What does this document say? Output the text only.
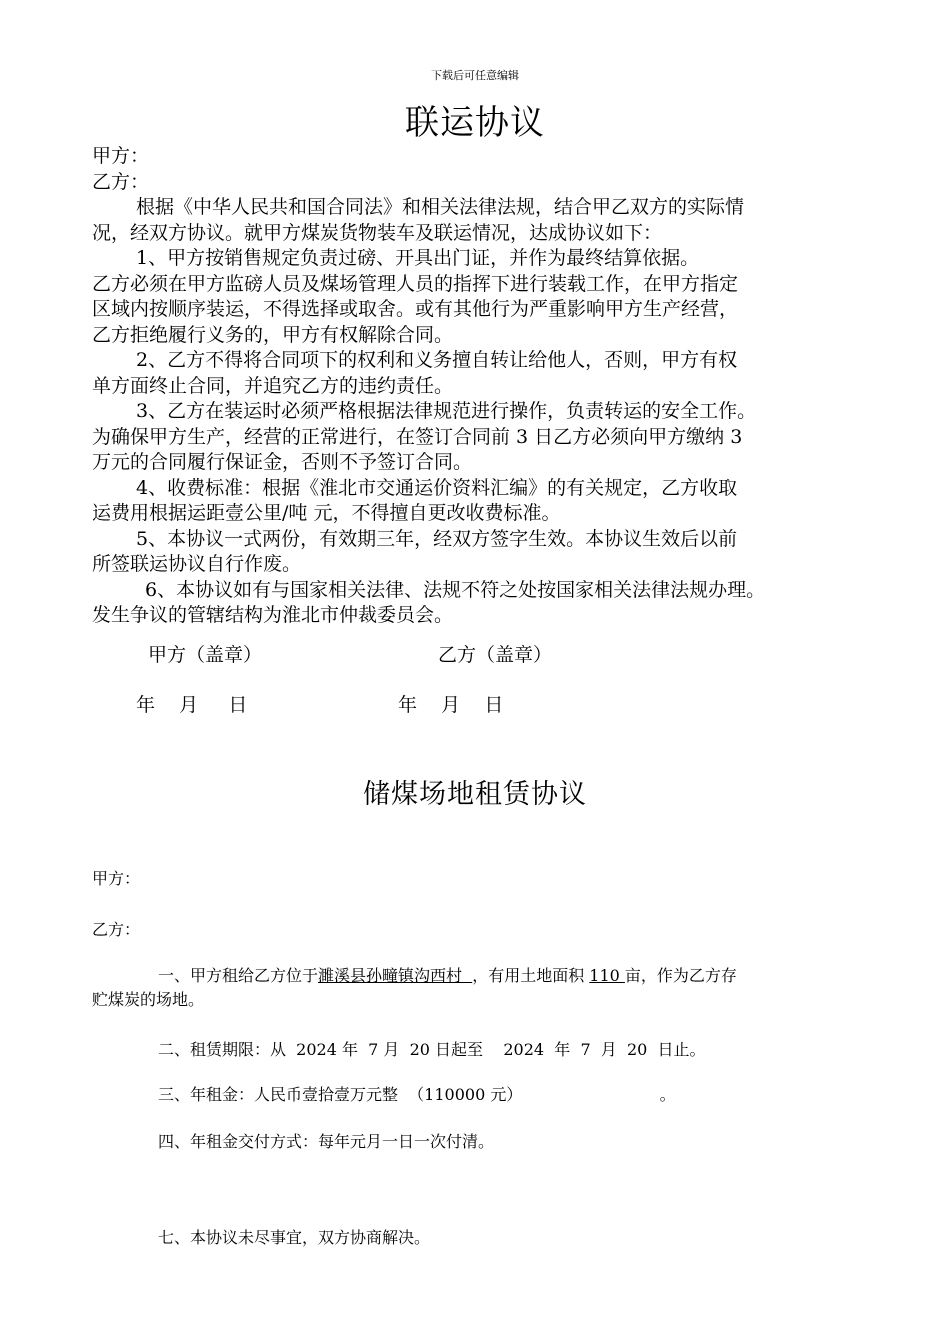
下载后可任意编辑
联运协议

甲方：

乙方：

根据《中华人民共和国合同法》和相关法律法规，结合甲乙双方的实际情

况，经双方协议。就甲方煤炭货物装车及联运情况，达成协议如下：

1、甲方按销售规定负责过磅、开具出门证，并作为最终结算依据。

乙方必须在甲方监磅人员及煤场管理人员的指挥下进行装载工作，在甲方指定

区域内按顺序装运，不得选择或取舍。或有其他行为严重影响甲方生产经营，

乙方拒绝履行义务的，甲方有权解除合同。

2、乙方不得将合同项下的权利和义务擅自转让给他人，否则，甲方有权

单方面终止合同，并追究乙方的违约责任。

3、乙方在装运时必须严格根据法律规范进行操作，负责转运的安全工作。

为确保甲方生产，经营的正常进行，在签订合同前 3 日乙方必须向甲方缴纳 3

万元的合同履行保证金，否则不予签订合同。

4、收费标准：根据《淮北市交通运价资料汇编》的有关规定，乙方收取

运费用根据运距壹公里/吨 元，不得擅自更改收费标准。

5、本协议一式两份，有效期三年，经双方签字生效。本协议生效后以前

所签联运协议自行作废。

6、本协议如有与国家相关法律、法规不符之处按国家相关法律法规办理。

发生争议的管辖结构为淮北市仲裁委员会。

甲方（盖章）	乙方（盖章）
年    月     日	年    月    日
储煤场地租赁协议
甲方：
乙方：
一、甲方租给乙方位于濉溪县孙疃镇沟西村  ，有用土地面积 110 亩，作为乙方存
贮煤炭的场地。
二、租赁期限：从  2024 年  7 月  20 日起至    2024  年  7  月  20  日止。
三、年租金：人民币壹拾壹万元整  （110000 元）                           。
四、年租金交付方式：每年元月一日一次付清。
七、本协议未尽事宜，双方协商解决。
